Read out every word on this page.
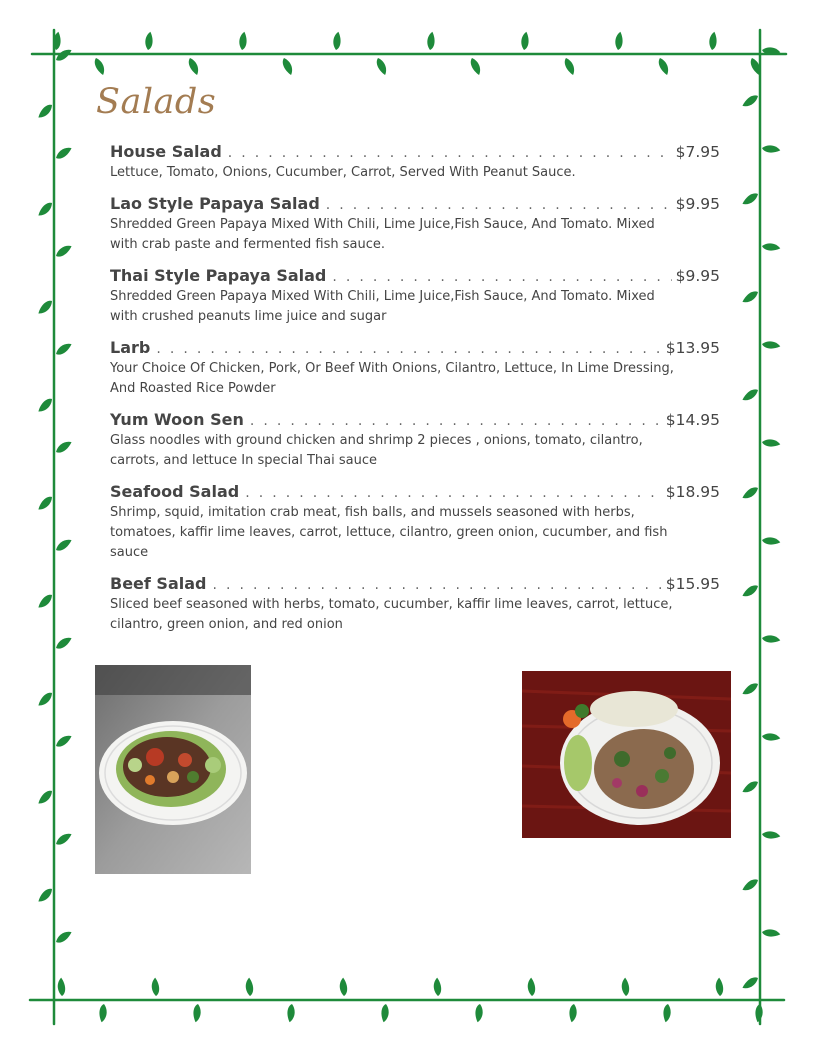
Salads
House Salad . . .	$7.95
Lettuce, Tomato, Onions, Cucumber, Carrot, Served With Peanut Sauce.
Lao Style Papaya Salad . . .	$9.95
Shredded Green Papaya Mixed With Chili, Lime Juice,Fish Sauce, And Tomato. Mixed with crab paste and fermented fish sauce.
Thai Style Papaya Salad . . .	$9.95
Shredded Green Papaya Mixed With Chili, Lime Juice,Fish Sauce, And Tomato. Mixed with crushed peanuts lime juice and sugar
Larb . . .	$13.95
Your Choice Of Chicken, Pork, Or Beef With Onions, Cilantro, Lettuce, In Lime Dressing, And Roasted Rice Powder
Yum Woon Sen . . .	$14.95
Glass noodles with ground chicken and shrimp 2 pieces , onions, tomato, cilantro, carrots, and lettuce In special Thai sauce
Seafood Salad . . .	$18.95
Shrimp, squid, imitation crab meat, fish balls, and mussels seasoned with herbs, tomatoes, kaffir lime leaves, carrot, lettuce, cilantro, green onion, cucumber, and fish sauce
Beef Salad . . .	$15.95
Sliced beef seasoned with herbs, tomato, cucumber, kaffir lime leaves, carrot, lettuce, cilantro, green onion, and red onion
